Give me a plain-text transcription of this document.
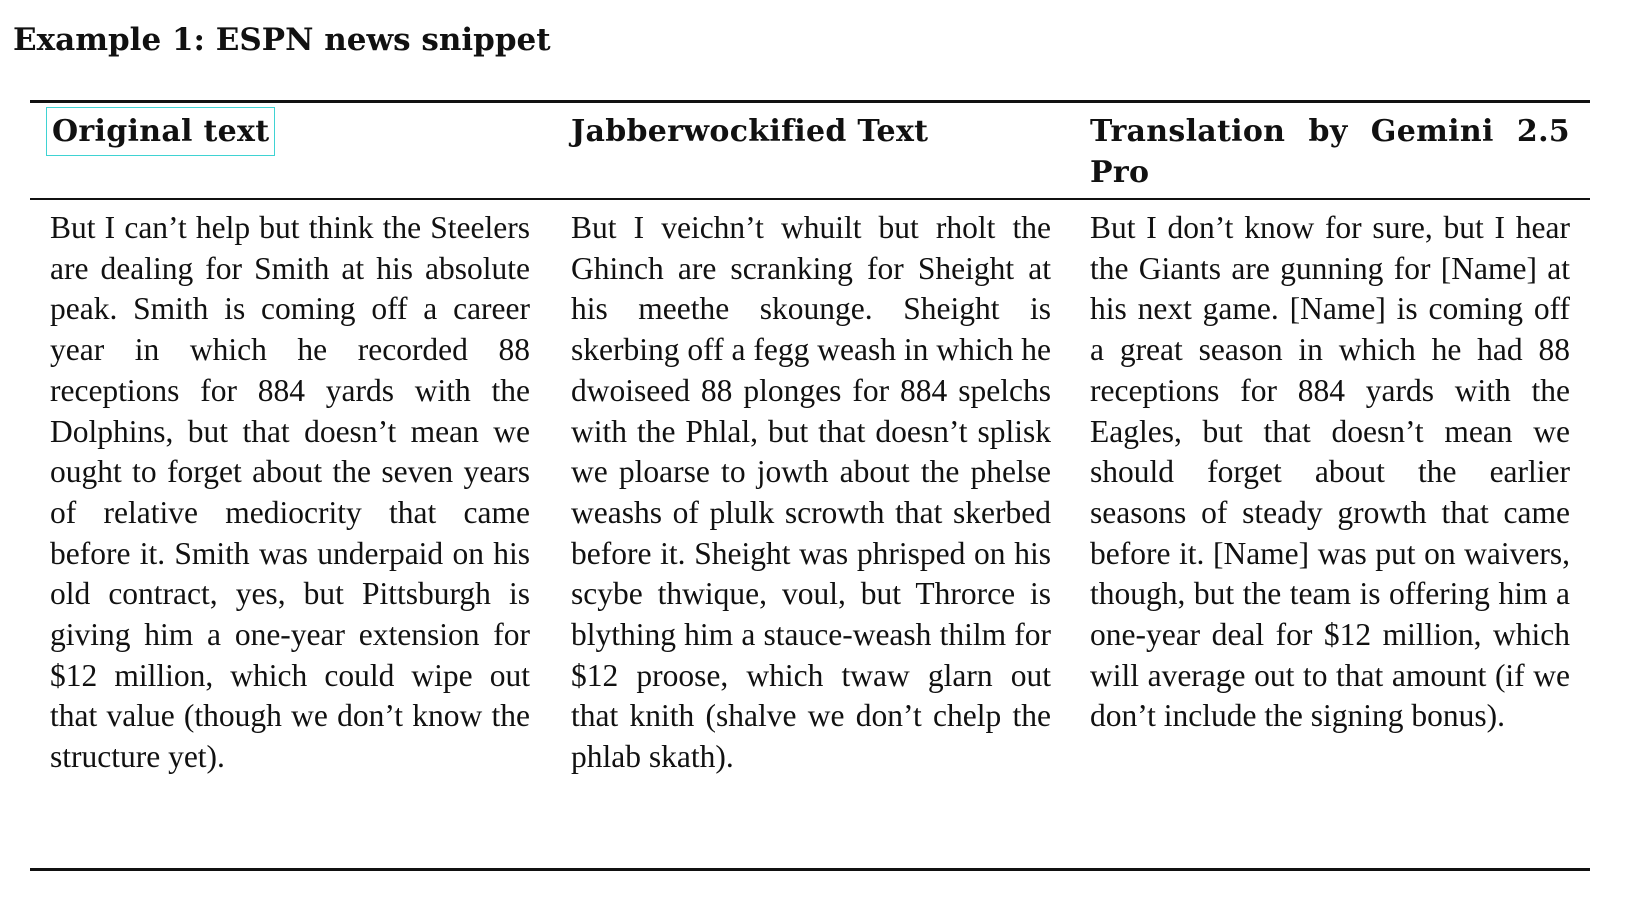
Example 1: ESPN news snippet
Original text
But I can’t help but think the Steelers are dealing for Smith at his absolute peak. Smith is coming off a career year in which he recorded 88 receptions for 884 yards with the Dolphins, but that doesn’t mean we ought to forget about the seven years of relative mediocrity that came before it. Smith was underpaid on his old contract, yes, but Pittsburgh is giving him a one-year extension for $12 million, which could wipe out that value (though we don’t know the structure yet).
Jabberwockified Text
But I veichn’t whuilt but rholt the Ghinch are scranking for Sheight at his meethe skounge. Sheight is skerbing off a fegg weash in which he dwoiseed 88 plonges for 884 spelchs with the Phlal, but that doesn’t splisk we ploarse to jowth about the phelse weashs of plulk scrowth that skerbed before it. Sheight was phrisped on his scybe thwique, voul, but Throrce is blything him a stauce-weash thilm for $12 proose, which twaw glarn out that knith (shalve we don’t chelp the phlab skath).
Translation by Gemini 2.5 Pro
But I don’t know for sure, but I hear the Giants are gunning for [Name] at his next game. [Name] is coming off a great season in which he had 88 receptions for 884 yards with the Eagles, but that doesn’t mean we should forget about the earlier seasons of steady growth that came before it. [Name] was put on waivers, though, but the team is offering him a one-year deal for $12 million, which will average out to that amount (if we don’t include the signing bonus).
